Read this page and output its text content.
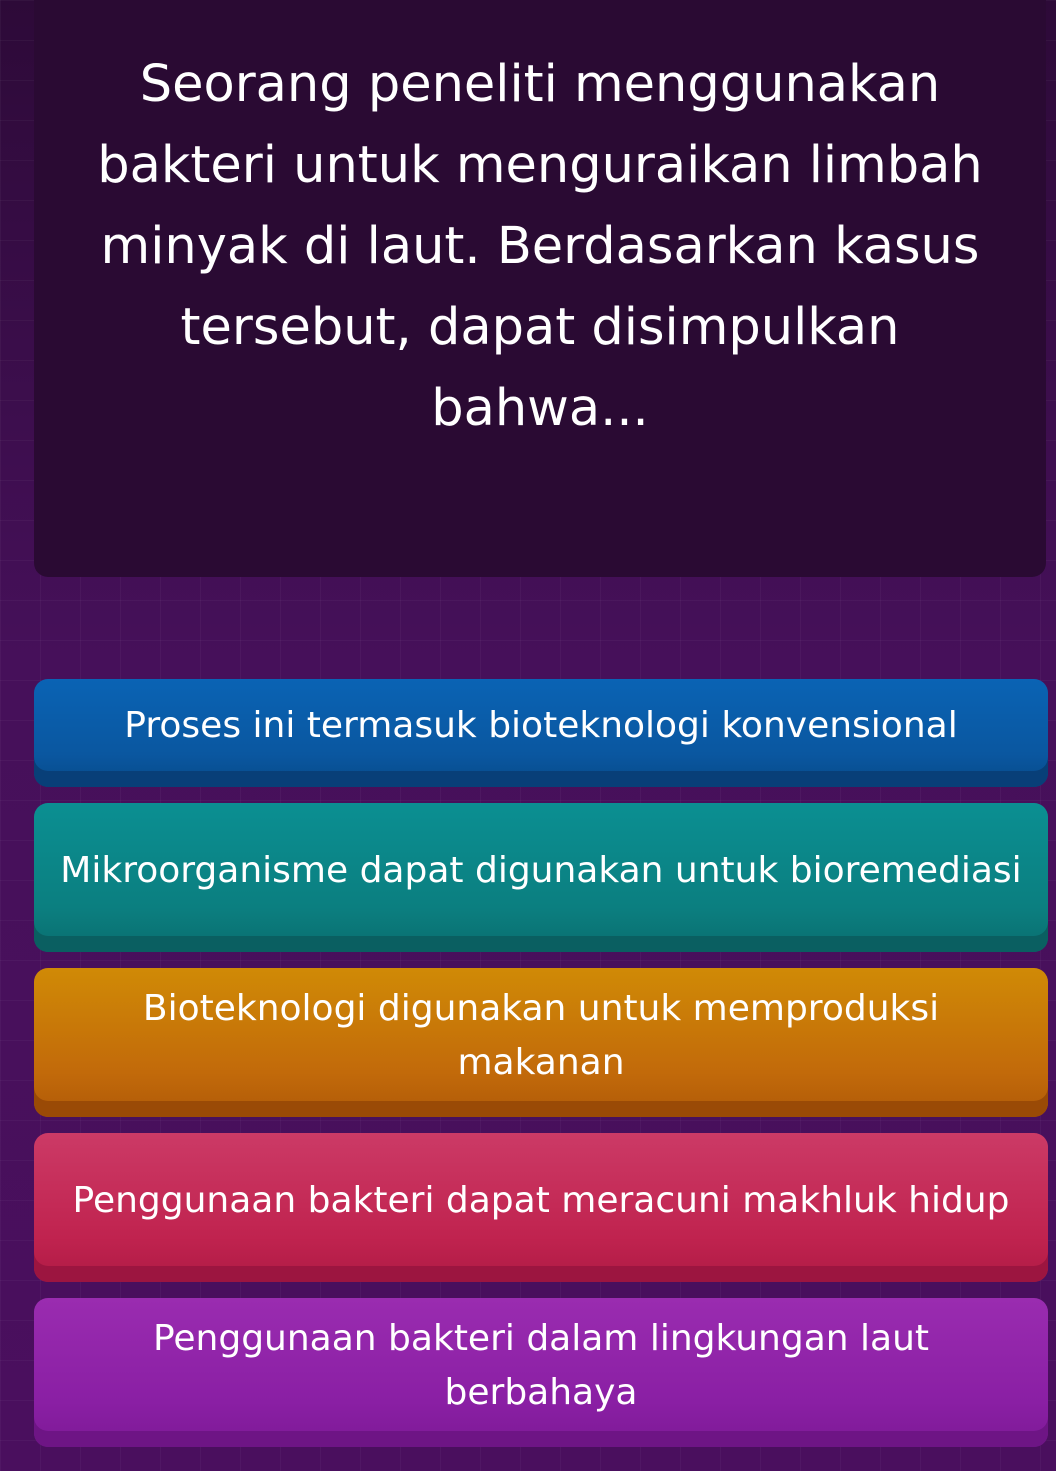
Seorang peneliti menggunakan bakteri untuk menguraikan limbah minyak di laut. Berdasarkan kasus tersebut, dapat disimpulkan bahwa...

Proses ini termasuk bioteknologi konvensional
Mikroorganisme dapat digunakan untuk bioremediasi
Bioteknologi digunakan untuk memproduksi makanan
Penggunaan bakteri dapat meracuni makhluk hidup
Penggunaan bakteri dalam lingkungan laut berbahaya
